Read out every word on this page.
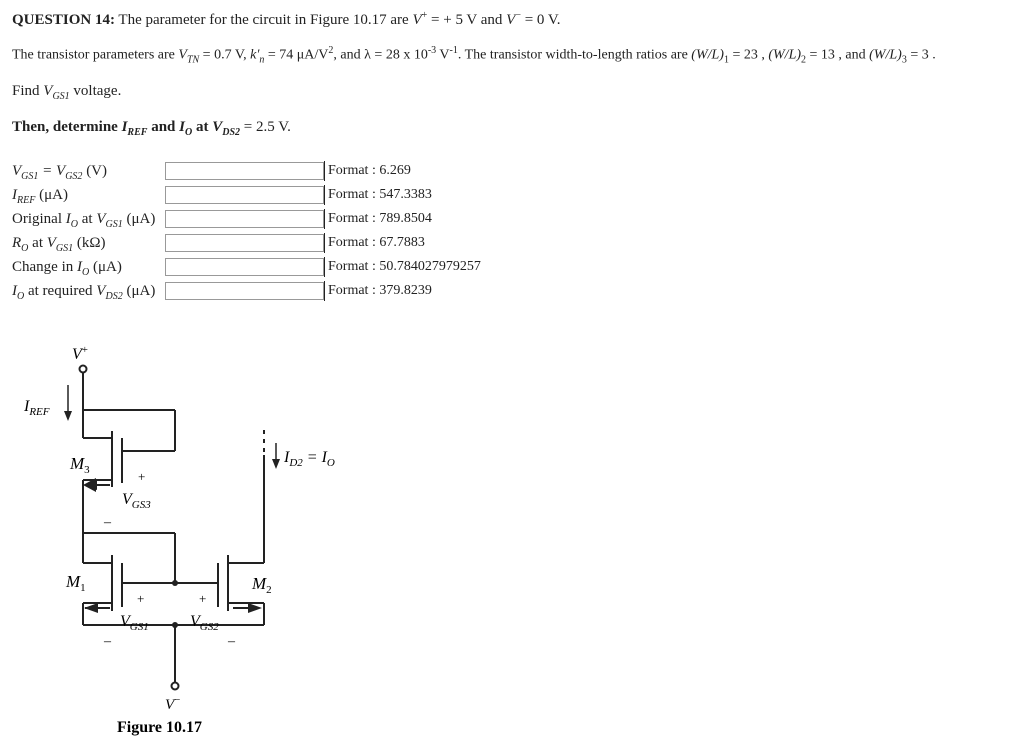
QUESTION 14: The parameter for the circuit in Figure 10.17 are V+ = + 5 V and V− = 0 V.
The transistor parameters are $V_{TN} = 0.7$ V, $k'_n = 74$ $\mu A/V^2$, and λ = 28 x $10^{-3}$ $V^{-1}$. The transistor width-to-length ratios are $(W/L)_1 = 23$ , $(W/L)_2 = 13$ , and $(W/L)_3 = 3$ .
Find $V_{GS1}$ voltage.
Then, determine $I_{REF}$ and $I_O$ at $V_{DS2} = 2.5$ V.
$V_{GS1} = V_{GS2}$ (V)	Format : 6.269
$I_{REF}$ (μA)	Format : 547.3383
Original $I_O$ at $V_{GS1}$ (μA)	Format : 789.8504
$R_O$ at $V_{GS1}$ (kΩ)	Format : 67.7883
Change in $I_O$ (μA)	Format : 50.784027979257
$I_O$ at required $V_{DS2}$ (μA)	Format : 379.8239
V+
$I_{REF}$
$M_3$	+
$V_{GS3}$
–
$M_1$	$M_2$
+	+
$V_{GS1}$	$V_{GS2}$
–	–
$I_{D2} = I_O$
V−
Figure 10.17
